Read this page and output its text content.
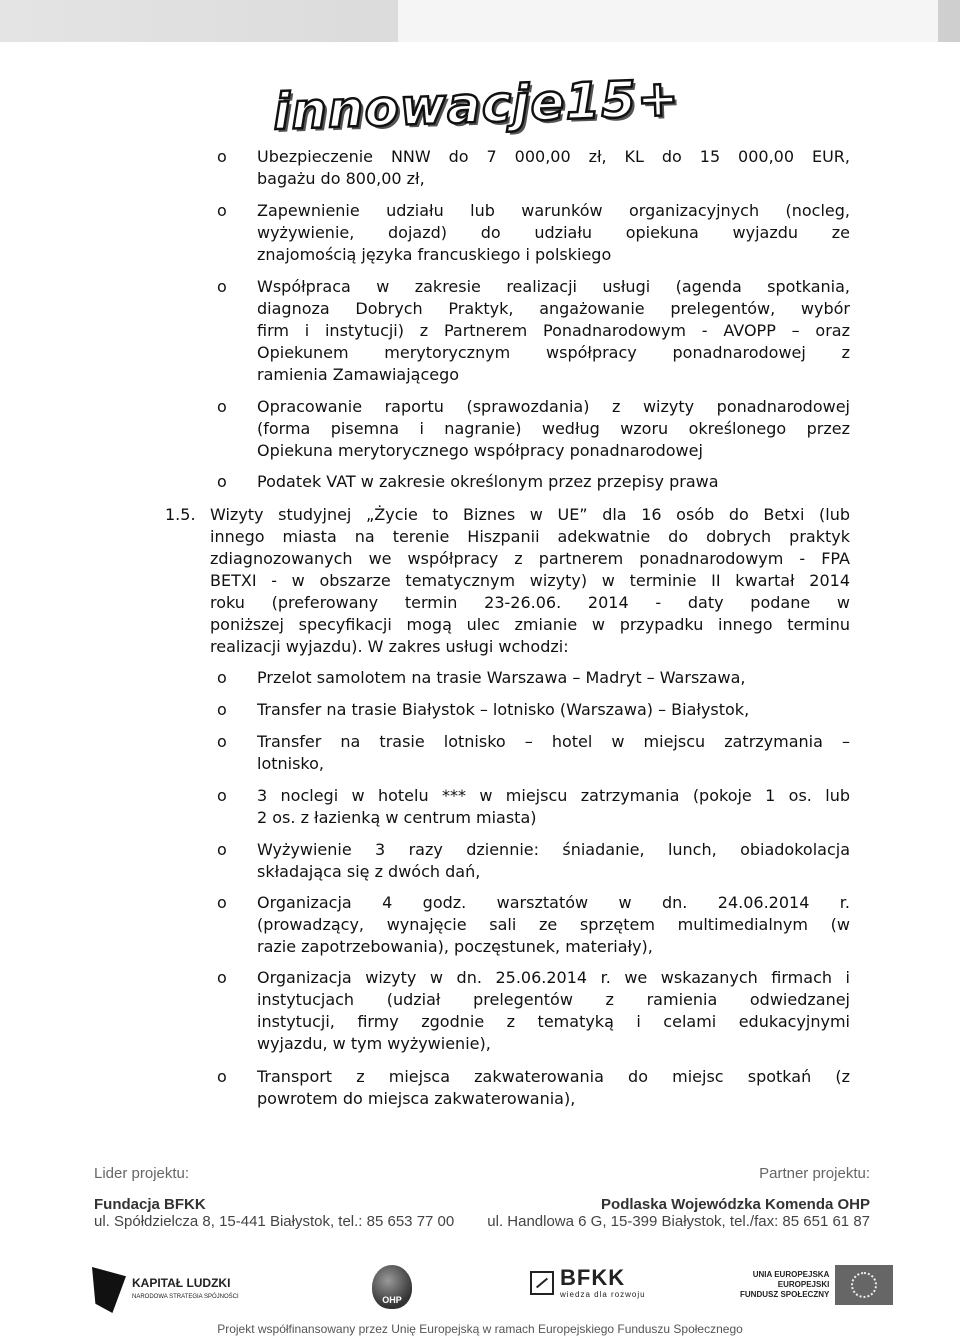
innowacje15+
o Ubezpieczenie NNW do 7 000,00 zł, KL do 15 000,00 EUR,
bagażu do 800,00 zł,
o Zapewnienie udziału lub warunków organizacyjnych (nocleg,
wyżywienie, dojazd) do udziału opiekuna wyjazdu ze
znajomością języka francuskiego i polskiego
o Współpraca w zakresie realizacji usługi (agenda spotkania,
diagnoza Dobrych Praktyk, angażowanie prelegentów, wybór
firm i instytucji) z Partnerem Ponadnarodowym - AVOPP – oraz
Opiekunem merytorycznym współpracy ponadnarodowej z
ramienia Zamawiającego
o Opracowanie raportu (sprawozdania) z wizyty ponadnarodowej
(forma pisemna i nagranie) według wzoru określonego przez
Opiekuna merytorycznego współpracy ponadnarodowej
o Podatek VAT w zakresie określonym przez przepisy prawa
1.5. Wizyty studyjnej „Życie to Biznes w UE” dla 16 osób do Betxi (lub
innego miasta na terenie Hiszpanii adekwatnie do dobrych praktyk
zdiagnozowanych we współpracy z partnerem ponadnarodowym - FPA
BETXI - w obszarze tematycznym wizyty) w terminie II kwartał 2014
roku (preferowany termin 23-26.06. 2014 - daty podane w
poniższej specyfikacji mogą ulec zmianie w przypadku innego terminu
realizacji wyjazdu). W zakres usługi wchodzi:
o Przelot samolotem na trasie Warszawa – Madryt – Warszawa,
o Transfer na trasie Białystok – lotnisko (Warszawa) – Białystok,
o Transfer na trasie lotnisko – hotel w miejscu zatrzymania –
lotnisko,
o 3 noclegi w hotelu *** w miejscu zatrzymania (pokoje 1 os. lub
2 os. z łazienką w centrum miasta)
o Wyżywienie 3 razy dziennie: śniadanie, lunch, obiadokolacja
składająca się z dwóch dań,
o Organizacja 4 godz. warsztatów w dn. 24.06.2014 r.
(prowadzący, wynajęcie sali ze sprzętem multimedialnym (w
razie zapotrzebowania), poczęstunek, materiały),
o Organizacja wizyty w dn. 25.06.2014 r. we wskazanych firmach i
instytucjach (udział prelegentów z ramienia odwiedzanej
instytucji, firmy zgodnie z tematyką i celami edukacyjnymi
wyjazdu, w tym wyżywienie),
o Transport z miejsca zakwaterowania do miejsc spotkań (z
powrotem do miejsca zakwaterowania),
Lider projektu:
Fundacja BFKK
ul. Spółdzielcza 8, 15-441 Białystok, tel.: 85 653 77 00
Partner projektu:
Podlaska Wojewódzka Komenda OHP
ul. Handlowa 6 G, 15-399 Białystok, tel./fax: 85 651 61 87
KAPITAŁ LUDZKI
NARODOWA STRATEGIA SPÓJNOŚCI	OHP
BFKK
wiedza dla rozwoju
UNIA EUROPEJSKA
EUROPEJSKI
FUNDUSZ SPOŁECZNY
Projekt współfinansowany przez Unię Europejską w ramach Europejskiego Funduszu Społecznego
